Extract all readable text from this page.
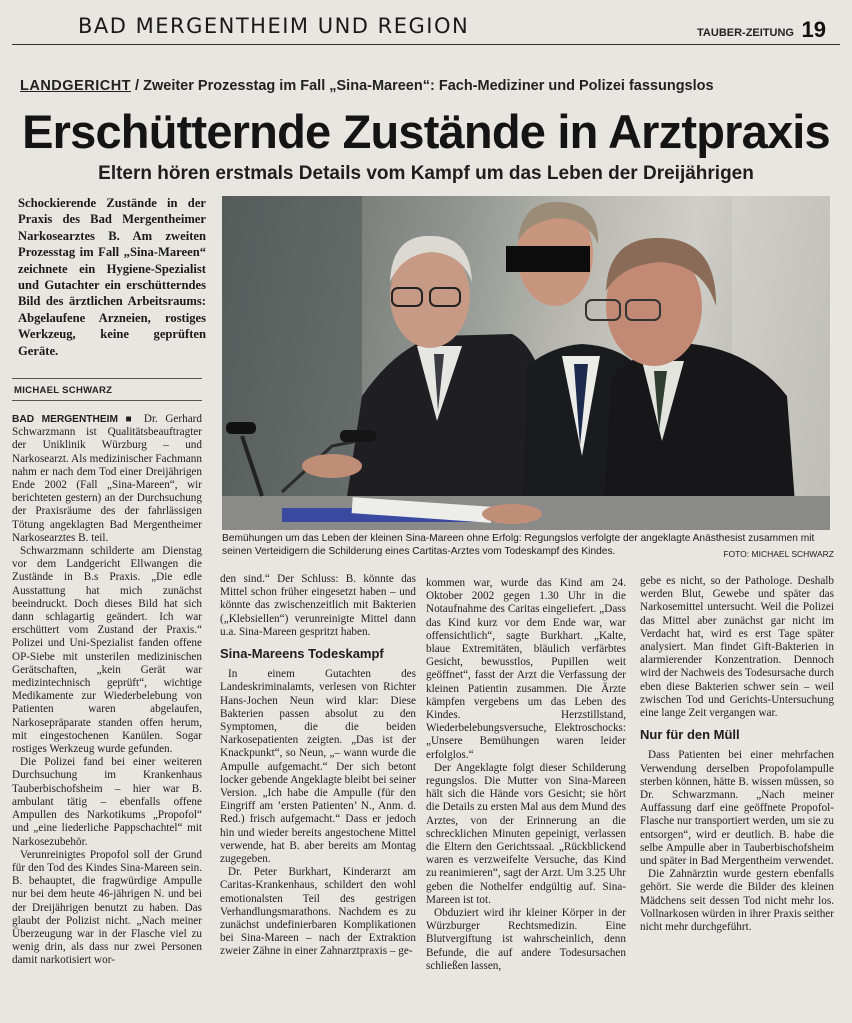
BAD MERGENTHEIM UND REGION	TAUBER-ZEITUNG 19
LANDGERICHT / Zweiter Prozesstag im Fall „Sina-Mareen“: Fach-Mediziner und Polizei fassungslos
Erschütternde Zustände in Arztpraxis
Eltern hören erstmals Details vom Kampf um das Leben der Dreijährigen
Schockierende Zustände in der Praxis des Bad Mergentheimer Narkosearztes B. Am zweiten Prozesstag im Fall „Sina-Mareen“ zeichnete ein Hygiene-Spezialist und Gutachter ein erschütterndes Bild des ärztlichen Arbeitsraums: Abgelaufene Arzneien, rostiges Werkzeug, keine geprüften Geräte.
MICHAEL SCHWARZ
Bemühungen um das Leben der kleinen Sina-Mareen ohne Erfolg: Regungslos verfolgte der angeklagte Anästhesist zusammen mit seinen Verteidigern die Schilderung eines Cartitas-Arztes vom Todeskampf des Kindes.	FOTO: MICHAEL SCHWARZ

BAD MERGENTHEIM ■ Dr. Gerhard Schwarzmann ist Qualitätsbeauftragter der Uniklinik Würzburg – und Narkosearzt. Als medizinischer Fachmann nahm er nach dem Tod einer Dreijährigen Ende 2002 (Fall „Sina-Mareen“, wir berichteten gestern) an der Durchsuchung der Praxisräume des der fahrlässigen Tötung angeklagten Bad Mergentheimer Narkosearztes B. teil.

Schwarzmann schilderte am Dienstag vor dem Landgericht Ellwangen die Zustände in B.s Praxis. „Die edle Ausstattung hat mich zunächst beeindruckt. Doch dieses Bild hat sich dann schlagartig geändert. Ich war erschüttert vom Zustand der Praxis.“ Polizei und Uni-Spezialist fanden offene OP-Siebe mit unsterilen medizinischen Gerätschaften, „kein Gerät war medizintechnisch geprüft“, wichtige Medikamente zur Wiederbelebung von Patienten waren abgelaufen, Narkosepräparate standen offen herum, mit eingestochenen Kanülen. Sogar rostiges Werkzeug wurde gefunden.

Die Polizei fand bei einer weiteren Durchsuchung im Krankenhaus Tauberbischofsheim – hier war B. ambulant tätig – ebenfalls offene Ampullen des Narkotikums „Propofol“ und „eine liederliche Pappschachtel“ mit Narkosezubehör.

Verunreinigtes Propofol soll der Grund für den Tod des Kindes Sina-Mareen sein. B. behauptet, die fragwürdige Ampulle nur bei dem heute 46-jährigen N. und bei der Dreijährigen benutzt zu haben. Das glaubt der Polizist nicht. „Nach meiner Überzeugung war in der Flasche viel zu wenig drin, als dass nur zwei Personen damit narkotisiert wor-

den sind.“ Der Schluss: B. könnte das Mittel schon früher eingesetzt haben – und könnte das zwischenzeitlich mit Bakterien („Klebsiellen“) verunreinigte Mittel dann u.a. Sina-Mareen gespritzt haben.

Sina-Mareens Todeskampf

In einem Gutachten des Landeskriminalamts, verlesen von Richter Hans-Jochen Neun wird klar: Diese Bakterien passen absolut zu den Symptomen, die die beiden Narkosepatienten zeigten. „Das ist der Knackpunkt“, so Neun, „– wann wurde die Ampulle aufgemacht.“ Der sich betont locker gebende Angeklagte bleibt bei seiner Version. „Ich habe die Ampulle (für den Eingriff am ’ersten Patienten’ N., Anm. d. Red.) frisch aufgemacht.“ Dass er jedoch hin und wieder bereits angestochene Mittel verwende, hat B. aber bereits am Montag zugegeben.

Dr. Peter Burkhart, Kinderarzt am Caritas-Krankenhaus, schildert den wohl emotionalsten Teil des gestrigen Verhandlungsmarathons. Nachdem es zu zunächst undefinierbaren Komplikationen bei Sina-Mareen – nach der Extraktion zweier Zähne in einer Zahnarztpraxis – ge-

kommen war, wurde das Kind am 24. Oktober 2002 gegen 1.30 Uhr in die Notaufnahme des Caritas eingeliefert. „Dass das Kind kurz vor dem Ende war, war offensichtlich“, sagte Burkhart. „Kalte, blaue Extremitäten, bläulich verfärbtes Gesicht, bewusstlos, Pupillen weit geöffnet“, fasst der Arzt die Verfassung der kleinen Patientin zusammen. Die Ärzte kämpfen vergebens um das Leben des Kindes. Herzstillstand, Wiederbelebungsversuche, Elektroschocks: „Unsere Bemühungen waren leider erfolglos.“

Der Angeklagte folgt dieser Schilderung regungslos. Die Mutter von Sina-Mareen hält sich die Hände vors Gesicht; sie hört die Details zu ersten Mal aus dem Mund des Arztes, von der Erinnerung an die schrecklichen Minuten gepeinigt, verlassen die Eltern den Gerichtssaal. „Rückblickend waren es verzweifelte Versuche, das Kind zu reanimieren“, sagt der Arzt. Um 3.25 Uhr geben die Nothelfer endgültig auf. Sina-Mareen ist tot.

Obduziert wird ihr kleiner Körper in der Würzburger Rechtsmedizin. Eine Blutvergiftung ist wahrscheinlich, denn Befunde, die auf andere Todesursachen schließen lassen,

gebe es nicht, so der Pathologe. Deshalb werden Blut, Gewebe und später das Narkosemittel untersucht. Weil die Polizei das Mittel aber zunächst gar nicht im Verdacht hat, wird es erst Tage später analysiert. Man findet Gift-Bakterien in alarmierender Konzentration. Dennoch wird der Nachweis des Todesursache durch eben diese Bakterien schwer sein – weil zwischen Tod und Gerichts-Untersuchung eine lange Zeit vergangen war.

Nur für den Müll

Dass Patienten bei einer mehrfachen Verwendung derselben Propofolampulle sterben können, hätte B. wissen müssen, so Dr. Schwarzmann. „Nach meiner Auffassung darf eine geöffnete Propofol-Flasche nur transportiert werden, um sie zu entsorgen“, wird er deutlich. B. habe die selbe Ampulle aber in Tauberbischofsheim und später in Bad Mergentheim verwendet.

Die Zahnärztin wurde gestern ebenfalls gehört. Sie werde die Bilder des kleinen Mädchens seit dessen Tod nicht mehr los. Vollnarkosen würden in ihrer Praxis seither nicht mehr durchgeführt.
